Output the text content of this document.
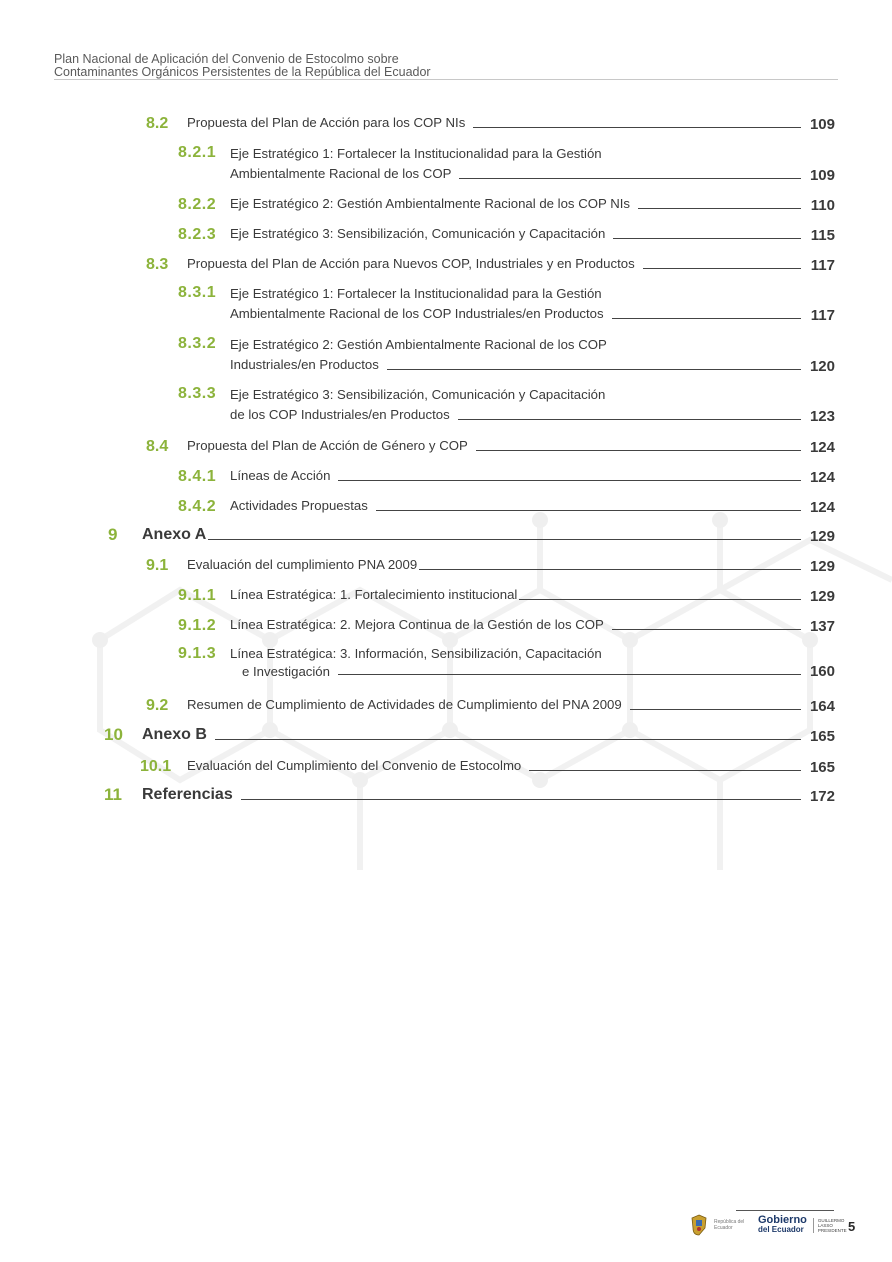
Plan Nacional de Aplicación del Convenio de Estocolmo sobre
Contaminantes Orgánicos Persistentes de la República del Ecuador
8.2	Propuesta del Plan de Acción para los COP NIs	109
8.2.1	Eje Estratégico 1: Fortalecer la Institucionalidad para la Gestión
Ambientalmente Racional de los COP	109
8.2.2	Eje Estratégico 2: Gestión Ambientalmente Racional de los COP NIs	110
8.2.3	Eje Estratégico 3: Sensibilización, Comunicación y Capacitación	115
8.3	Propuesta del Plan de Acción para Nuevos COP, Industriales y en Productos	117
8.3.1	Eje Estratégico 1: Fortalecer la Institucionalidad para la Gestión
Ambientalmente Racional de los COP Industriales/en Productos	117
8.3.2	Eje Estratégico 2: Gestión Ambientalmente Racional de los COP
Industriales/en Productos	120
8.3.3	Eje Estratégico 3: Sensibilización, Comunicación y Capacitación
de los COP Industriales/en Productos	123
8.4	Propuesta del Plan de Acción de Género y COP	124
8.4.1	Líneas de Acción	124
8.4.2	Actividades Propuestas	124
9	Anexo A	129
9.1	Evaluación del cumplimiento PNA 2009	129
9.1.1	Línea Estratégica: 1. Fortalecimiento institucional	129
9.1.2	Línea Estratégica: 2. Mejora Continua de la Gestión de los COP	137
9.1.3	Línea Estratégica: 3. Información, Sensibilización, Capacitación
e Investigación	160
9.2	Resumen de Cumplimiento de Actividades de Cumplimiento del PNA 2009	164
10	Anexo B	165
10.1	Evaluación del Cumplimiento del Convenio de Estocolmo	165
11	Referencias	172
República del Ecuador
Gobierno
del Ecuador
GUILLERMO LASSO PRESIDENTE 5
